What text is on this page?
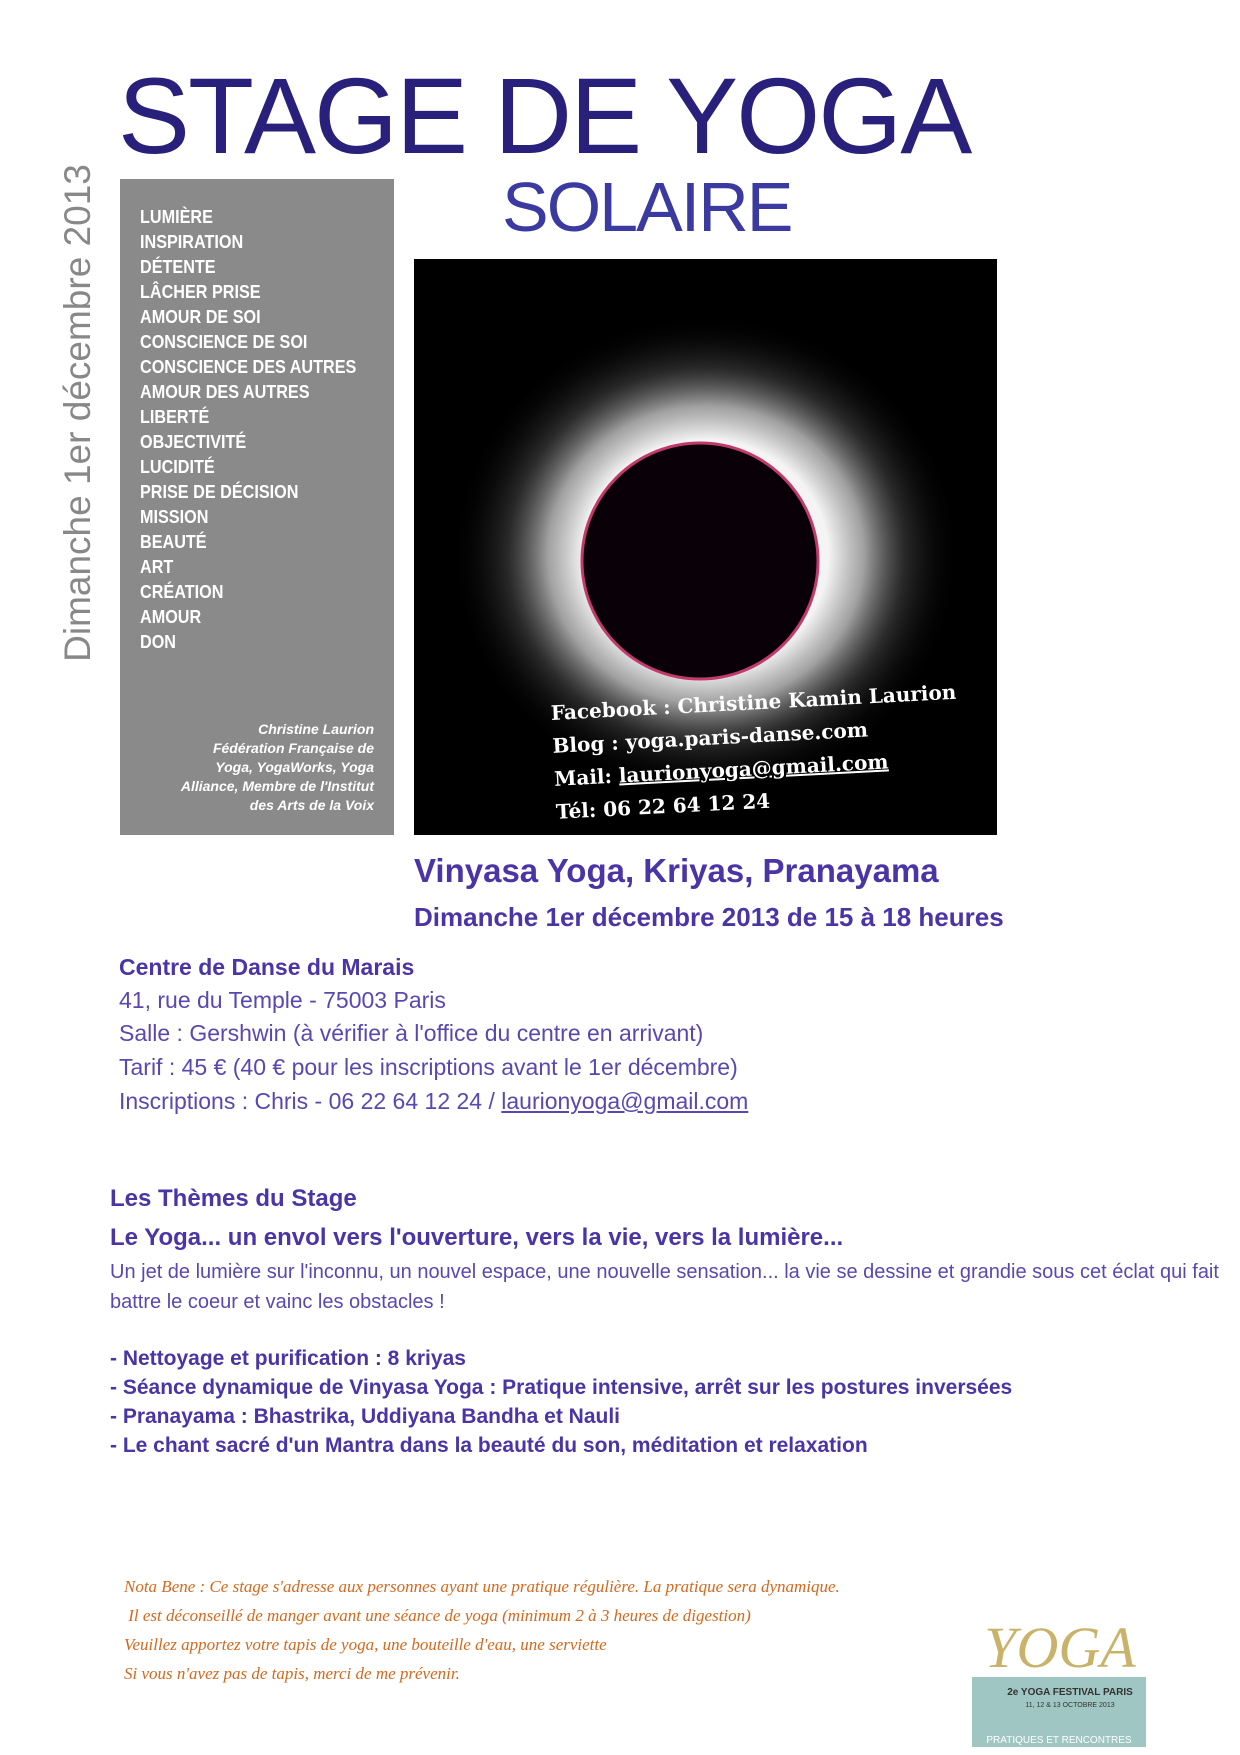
STAGE DE YOGA
SOLAIRE
Dimanche 1er décembre 2013 LUMIÈRE
INSPIRATION
DÉTENTE
LÂCHER PRISE
AMOUR DE SOI
CONSCIENCE DE SOI
CONSCIENCE DES AUTRES
AMOUR DES AUTRES
LIBERTÉ
OBJECTIVITÉ
LUCIDITÉ
PRISE DE DÉCISION
MISSION
BEAUTÉ
ART
CRÉATION
AMOUR
DON
Christine Laurion
Fédération Française de
Yoga, YogaWorks, Yoga
Alliance, Membre de l'Institut
des Arts de la Voix
Facebook : Christine Kamin Laurion
Blog : yoga.paris-danse.com
Mail: laurionyoga@gmail.com
Tél: 06 22 64 12 24
Vinyasa Yoga, Kriyas, Pranayama
Dimanche 1er décembre 2013 de 15 à 18 heures
Centre de Danse du Marais
41, rue du Temple - 75003 Paris
Salle : Gershwin (à vérifier à l'office du centre en arrivant)
Tarif : 45 € (40 € pour les inscriptions avant le 1er décembre)
Inscriptions : Chris - 06 22 64 12 24 / laurionyoga@gmail.com
Les Thèmes du Stage
Le Yoga... un envol vers l'ouverture, vers la vie, vers la lumière...
Un jet de lumière sur l'inconnu, un nouvel espace, une nouvelle sensation... la vie se dessine et grandie sous cet éclat qui fait battre le coeur et vainc les obstacles !
- Nettoyage et purification : 8 kriyas
- Séance dynamique de Vinyasa Yoga : Pratique intensive, arrêt sur les postures inversées
- Pranayama : Bhastrika, Uddiyana Bandha et Nauli
- Le chant sacré d'un Mantra dans la beauté du son, méditation et relaxation
Nota Bene : Ce stage s'adresse aux personnes ayant une pratique régulière. La pratique sera dynamique.
Il est déconseillé de manger avant une séance de yoga (minimum 2 à 3 heures de digestion)
Veuillez apportez votre tapis de yoga, une bouteille d'eau, une serviette
Si vous n'avez pas de tapis, merci de me prévenir.	YOGA
2e YOGA FESTIVAL PARIS
11, 12 & 13 OCTOBRE 2013
PRATIQUES ET RENCONTRES
